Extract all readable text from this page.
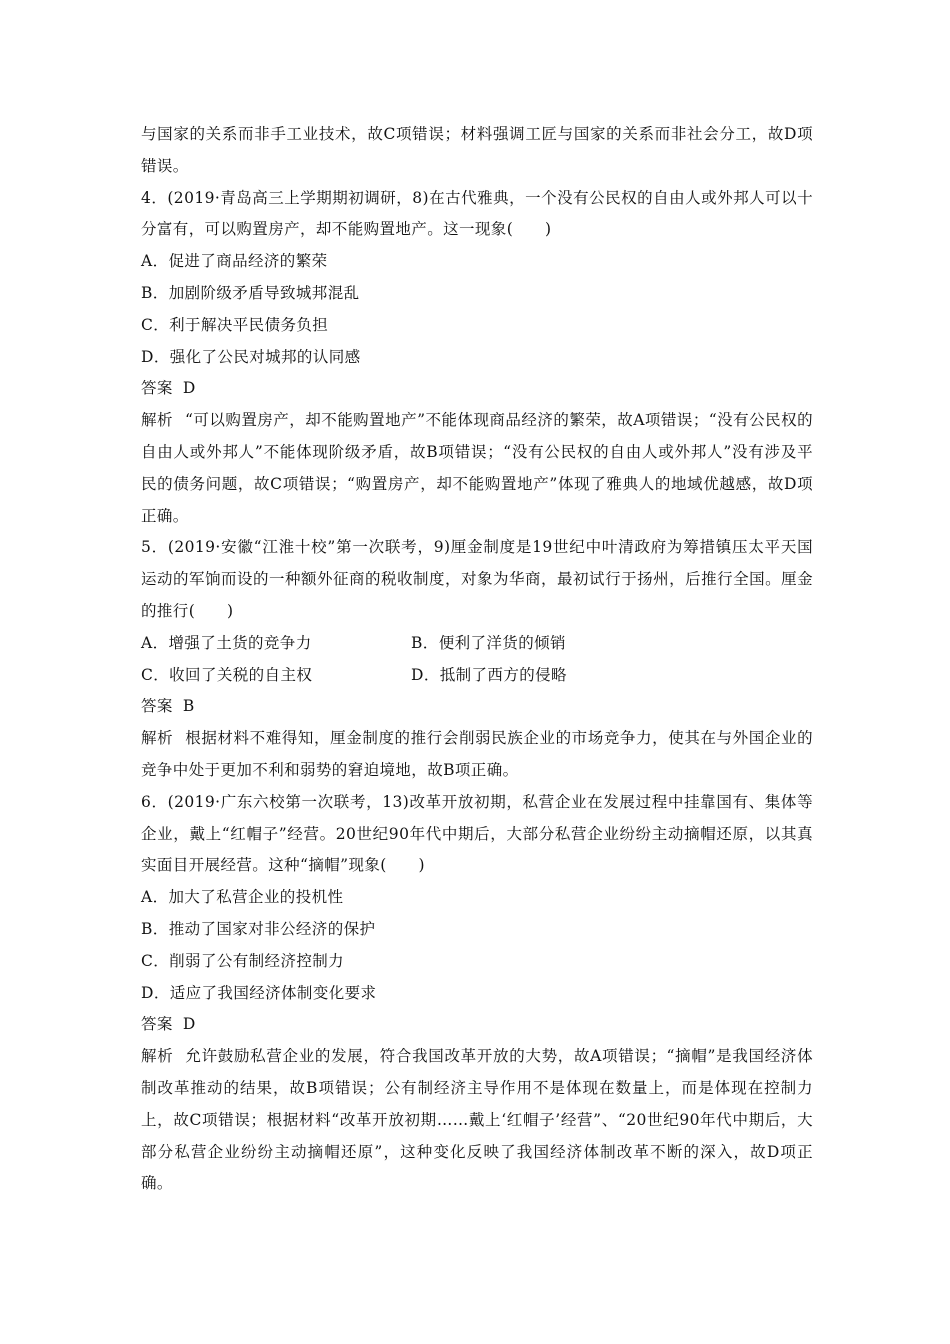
与国家的关系而非手工业技术，故C项错误；材料强调工匠与国家的关系而非社会分工，故D项错误。

4．(2019·青岛高三上学期期初调研，8)在古代雅典，一个没有公民权的自由人或外邦人可以十分富有，可以购置房产，却不能购置地产。这一现象(　　)

A．促进了商品经济的繁荣

B．加剧阶级矛盾导致城邦混乱

C．利于解决平民债务负担

D．强化了公民对城邦的认同感

答案 D

解析 “可以购置房产，却不能购置地产”不能体现商品经济的繁荣，故A项错误；“没有公民权的自由人或外邦人”不能体现阶级矛盾，故B项错误；“没有公民权的自由人或外邦人”没有涉及平民的债务问题，故C项错误；“购置房产，却不能购置地产”体现了雅典人的地域优越感，故D项正确。

5．(2019·安徽“江淮十校”第一次联考，9)厘金制度是19世纪中叶清政府为筹措镇压太平天国运动的军饷而设的一种额外征商的税收制度，对象为华商，最初试行于扬州，后推行全国。厘金的推行(　　)

A．增强了土货的竞争力	B．便利了洋货的倾销
C．收回了关税的自主权	D．抵制了西方的侵略

答案 B

解析 根据材料不难得知，厘金制度的推行会削弱民族企业的市场竞争力，使其在与外国企业的竞争中处于更加不利和弱势的窘迫境地，故B项正确。

6．(2019·广东六校第一次联考，13)改革开放初期，私营企业在发展过程中挂靠国有、集体等企业，戴上“红帽子”经营。20世纪90年代中期后，大部分私营企业纷纷主动摘帽还原，以其真实面目开展经营。这种“摘帽”现象(　　)

A．加大了私营企业的投机性

B．推动了国家对非公经济的保护

C．削弱了公有制经济控制力

D．适应了我国经济体制变化要求

答案 D

解析 允许鼓励私营企业的发展，符合我国改革开放的大势，故A项错误；“摘帽”是我国经济体制改革推动的结果，故B项错误；公有制经济主导作用不是体现在数量上，而是体现在控制力上，故C项错误；根据材料“改革开放初期……戴上‘红帽子’经营”、“20世纪90年代中期后，大部分私营企业纷纷主动摘帽还原”，这种变化反映了我国经济体制改革不断的深入，故D项正确。
